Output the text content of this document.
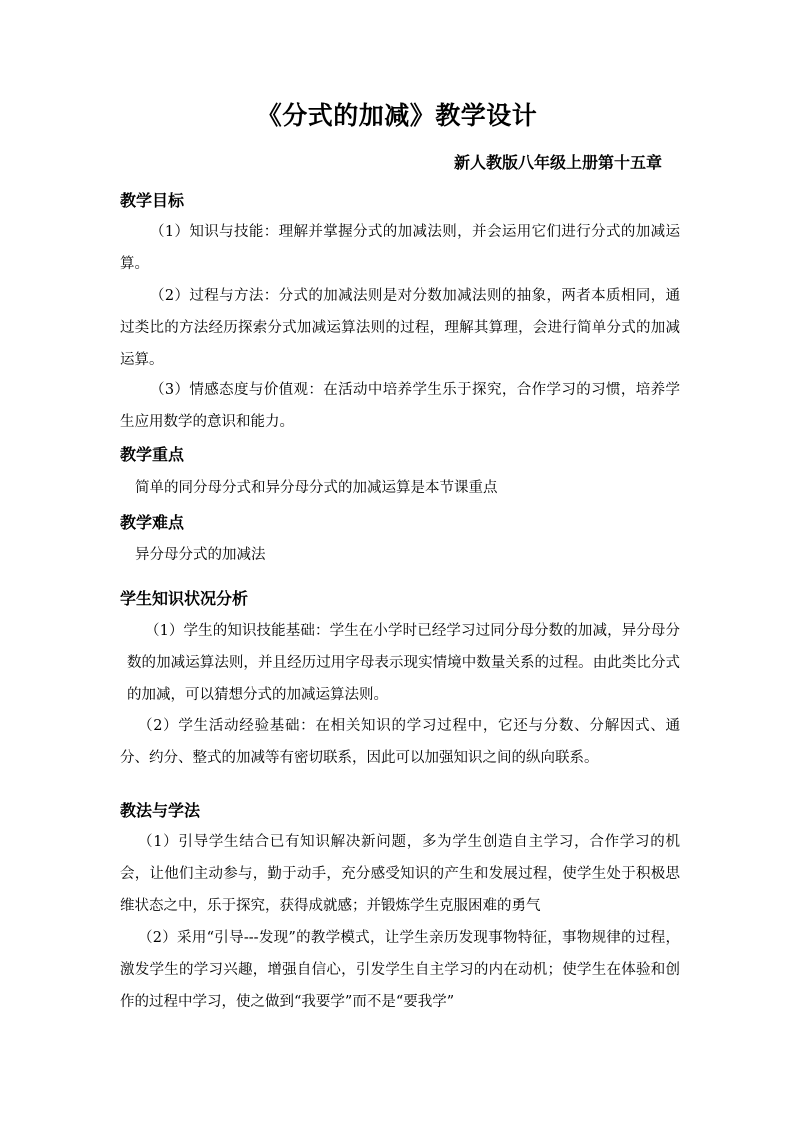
《分式的加减》教学设计
新人教版八年级上册第十五章
教学目标
（1）知识与技能：理解并掌握分式的加减法则，并会运用它们进行分式的加减运算。
（2）过程与方法：分式的加减法则是对分数加减法则的抽象，两者本质相同，通过类比的方法经历探索分式加减运算法则的过程，理解其算理，会进行简单分式的加减运算。
（3）情感态度与价值观：在活动中培养学生乐于探究，合作学习的习惯，培养学生应用数学的意识和能力。
教学重点
简单的同分母分式和异分母分式的加减运算是本节课重点
教学难点
异分母分式的加减法
学生知识状况分析
（1）学生的知识技能基础：学生在小学时已经学习过同分母分数的加减，异分母分数的加减运算法则，并且经历过用字母表示现实情境中数量关系的过程。由此类比分式的加减，可以猜想分式的加减运算法则。
（2）学生活动经验基础：在相关知识的学习过程中，它还与分数、分解因式、通分、约分、整式的加减等有密切联系，因此可以加强知识之间的纵向联系。
教法与学法
（1）引导学生结合已有知识解决新问题，多为学生创造自主学习，合作学习的机会，让他们主动参与，勤于动手，充分感受知识的产生和发展过程，使学生处于积极思维状态之中，乐于探究，获得成就感；并锻炼学生克服困难的勇气
（2）采用“引导---发现”的教学模式，让学生亲历发现事物特征，事物规律的过程，激发学生的学习兴趣，增强自信心，引发学生自主学习的内在动机；使学生在体验和创作的过程中学习，使之做到“我要学”而不是“要我学”
